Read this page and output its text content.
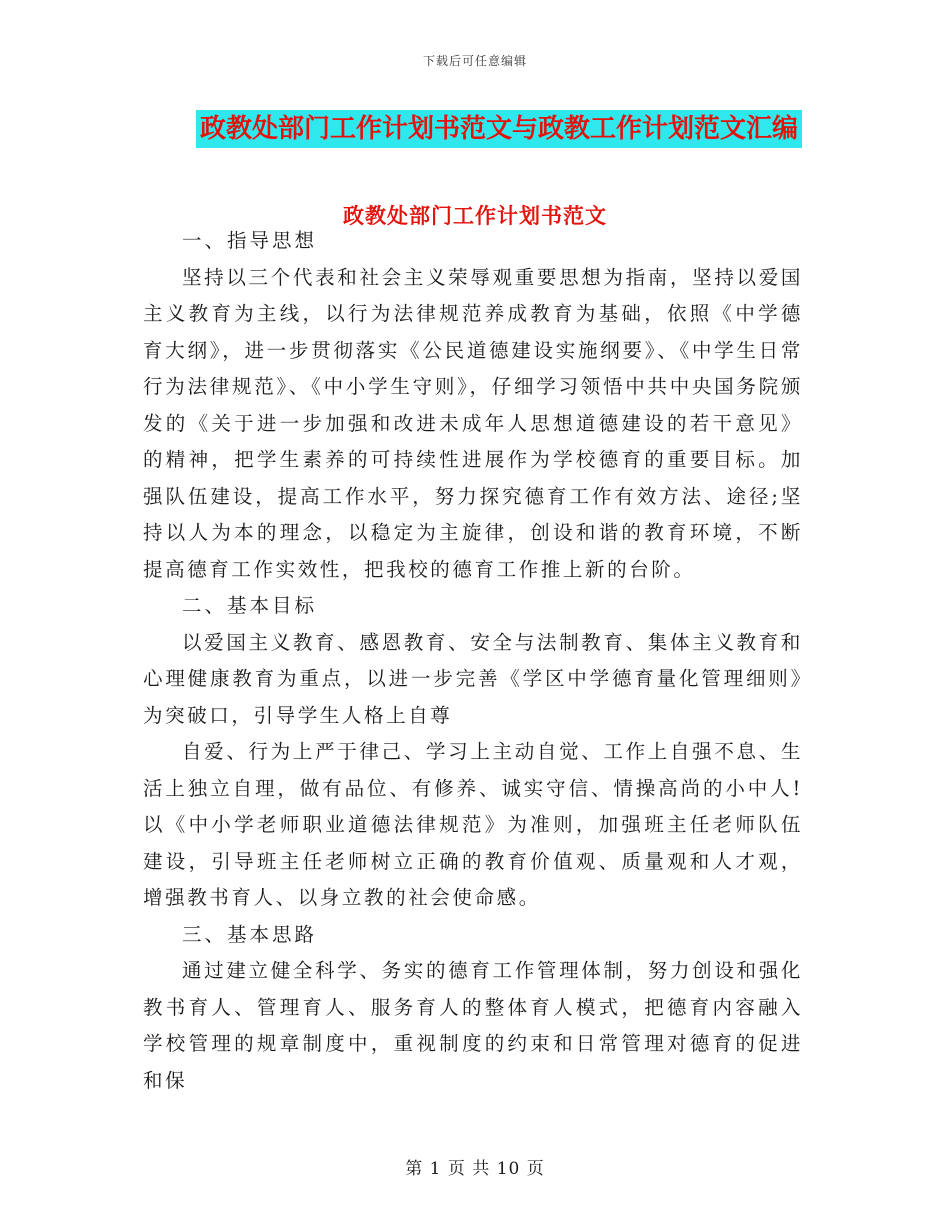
下载后可任意编辑
政教处部门工作计划书范文与政教工作计划范文汇编
政教处部门工作计划书范文

一、指导思想

坚持以三个代表和社会主义荣辱观重要思想为指南，坚持以爱国主义教育为主线，以行为法律规范养成教育为基础，依照《中学德育大纲》，进一步贯彻落实《公民道德建设实施纲要》、《中学生日常行为法律规范》、《中小学生守则》，仔细学习领悟中共中央国务院颁发的《关于进一步加强和改进未成年人思想道德建设的若干意见》的精神，把学生素养的可持续性进展作为学校德育的重要目标。加强队伍建设，提高工作水平，努力探究德育工作有效方法、途径;坚持以人为本的理念，以稳定为主旋律，创设和谐的教育环境，不断提高德育工作实效性，把我校的德育工作推上新的台阶。

二、基本目标

以爱国主义教育、感恩教育、安全与法制教育、集体主义教育和心理健康教育为重点，以进一步完善《学区中学德育量化管理细则》为突破口，引导学生人格上自尊

自爱、行为上严于律己、学习上主动自觉、工作上自强不息、生活上独立自理，做有品位、有修养、诚实守信、情操高尚的小中人!以《中小学老师职业道德法律规范》为准则，加强班主任老师队伍建设，引导班主任老师树立正确的教育价值观、质量观和人才观，增强教书育人、以身立教的社会使命感。

三、基本思路

通过建立健全科学、务实的德育工作管理体制，努力创设和强化教书育人、管理育人、服务育人的整体育人模式，把德育内容融入学校管理的规章制度中，重视制度的约束和日常管理对德育的促进和保

第 1 页 共 10 页
